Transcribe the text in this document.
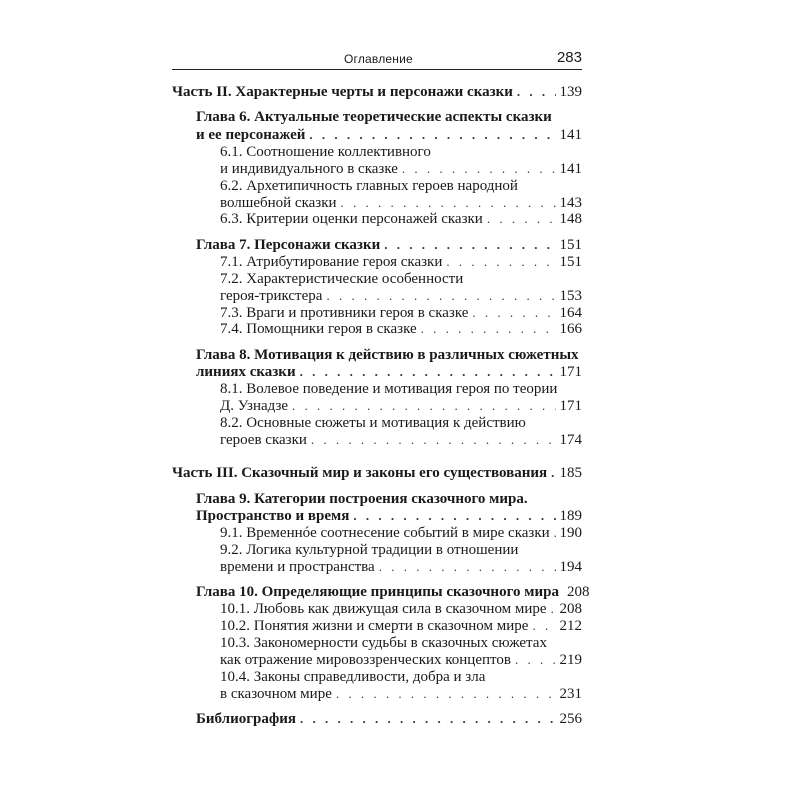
Оглавление	283
Часть II. Характерные черты и персонажи сказки . . .	139
Глава 6. Актуальные теоретические аспекты сказки
и ее персонажей . . .	141
6.1. Соотношение коллективного
и индивидуального в сказке . . .	141
6.2. Архетипичность главных героев народной
волшебной сказки . . .	143
6.3. Критерии оценки персонажей сказки . . .	148
Глава 7. Персонажи сказки . . .	151
7.1. Атрибутирование героя сказки . . .	151
7.2. Характеристические особенности
героя-трикстера . . .	153
7.3. Враги и противники героя в сказке . . .	164
7.4. Помощники героя в сказке . . .	166
Глава 8. Мотивация к действию в различных сюжетных
линиях сказки . . .	171
8.1. Волевое поведение и мотивация героя по теории
Д. Узнадзе . . .	171
8.2. Основные сюжеты и мотивация к действию
героев сказки . . .	174
Часть III. Сказочный мир и законы его существования . . . 185
Глава 9. Категории построения сказочного мира.
Пространство и время . . .	189
9.1. Временнóе соотнесение событий в мире сказки . . . 190
9.2. Логика культурной традиции в отношении
времени и пространства . . .	194
Глава 10. Определяющие принципы сказочного мира 208
10.1. Любовь как движущая сила в сказочном мире . . . 208
10.2. Понятия жизни и смерти в сказочном мире . . . 212
10.3. Закономерности судьбы в сказочных сюжетах
как отражение мировоззренческих концептов . . .	219
10.4. Законы справедливости, добра и зла
в сказочном мире . . .	231
Библиография . . .	256
